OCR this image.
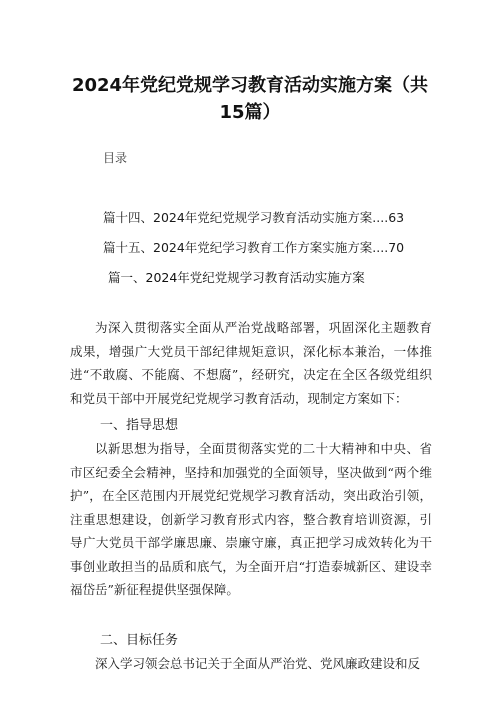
2024年党纪党规学习教育活动实施方案（共15篇）
目录
篇十四、2024年党纪党规学习教育活动实施方案....63
篇十五、2024年党纪学习教育工作方案实施方案....70
篇一、2024年党纪党规学习教育活动实施方案

为深入贯彻落实全面从严治党战略部署，巩固深化主题教育成果，增强广大党员干部纪律规矩意识，深化标本兼治，一体推进“不敢腐、不能腐、不想腐”，经研究，决定在全区各级党组织和党员干部中开展党纪党规学习教育活动，现制定方案如下：

一、指导思想

以新思想为指导，全面贯彻落实党的二十大精神和中央、省市区纪委全会精神，坚持和加强党的全面领导，坚决做到“两个维护”，在全区范围内开展党纪党规学习教育活动，突出政治引领，注重思想建设，创新学习教育形式内容，整合教育培训资源，引导广大党员干部学廉思廉、崇廉守廉，真正把学习成效转化为干事创业敢担当的品质和底气，为全面开启“打造泰城新区、建设幸福岱岳”新征程提供坚强保障。

二、目标任务

深入学习领会总书记关于全面从严治党、党风廉政建设和反
